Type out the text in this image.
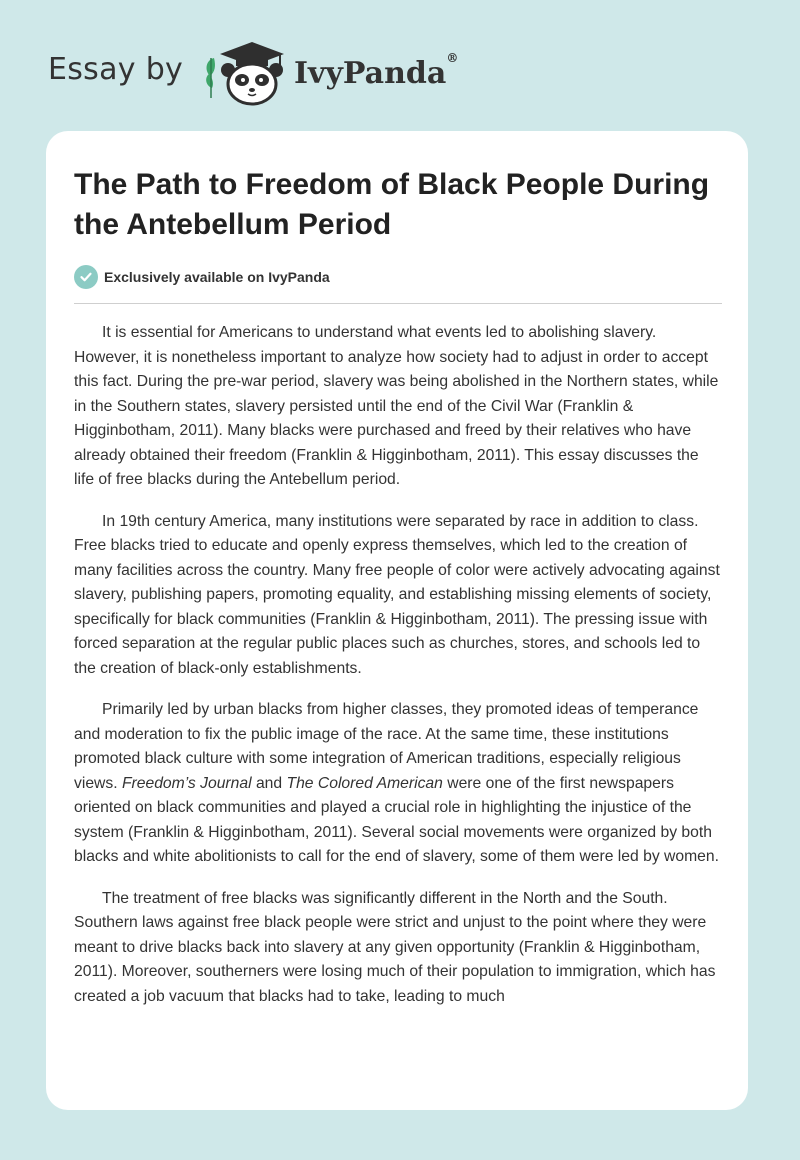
Essay by	IvyPanda®
The Path to Freedom of Black People During the Antebellum Period
Exclusively available on IvyPanda

It is essential for Americans to understand what events led to abolishing slavery. However, it is nonetheless important to analyze how society had to adjust in order to accept this fact. During the pre-war period, slavery was being abolished in the Northern states, while in the Southern states, slavery persisted until the end of the Civil War (Franklin & Higginbotham, 2011). Many blacks were purchased and freed by their relatives who have already obtained their freedom (Franklin & Higginbotham, 2011). This essay discusses the life of free blacks during the Antebellum period.

In 19th century America, many institutions were separated by race in addition to class. Free blacks tried to educate and openly express themselves, which led to the creation of many facilities across the country. Many free people of color were actively advocating against slavery, publishing papers, promoting equality, and establishing missing elements of society, specifically for black communities (Franklin & Higginbotham, 2011). The pressing issue with forced separation at the regular public places such as churches, stores, and schools led to the creation of black-only establishments.

Primarily led by urban blacks from higher classes, they promoted ideas of temperance and moderation to fix the public image of the race. At the same time, these institutions promoted black culture with some integration of American traditions, especially religious views. Freedom’s Journal and The Colored American were one of the first newspapers oriented on black communities and played a crucial role in highlighting the injustice of the system (Franklin & Higginbotham, 2011). Several social movements were organized by both blacks and white abolitionists to call for the end of slavery, some of them were led by women.

The treatment of free blacks was significantly different in the North and the South. Southern laws against free black people were strict and unjust to the point where they were meant to drive blacks back into slavery at any given opportunity (Franklin & Higginbotham, 2011). Moreover, southerners were losing much of their population to immigration, which has created a job vacuum that blacks had to take, leading to much
